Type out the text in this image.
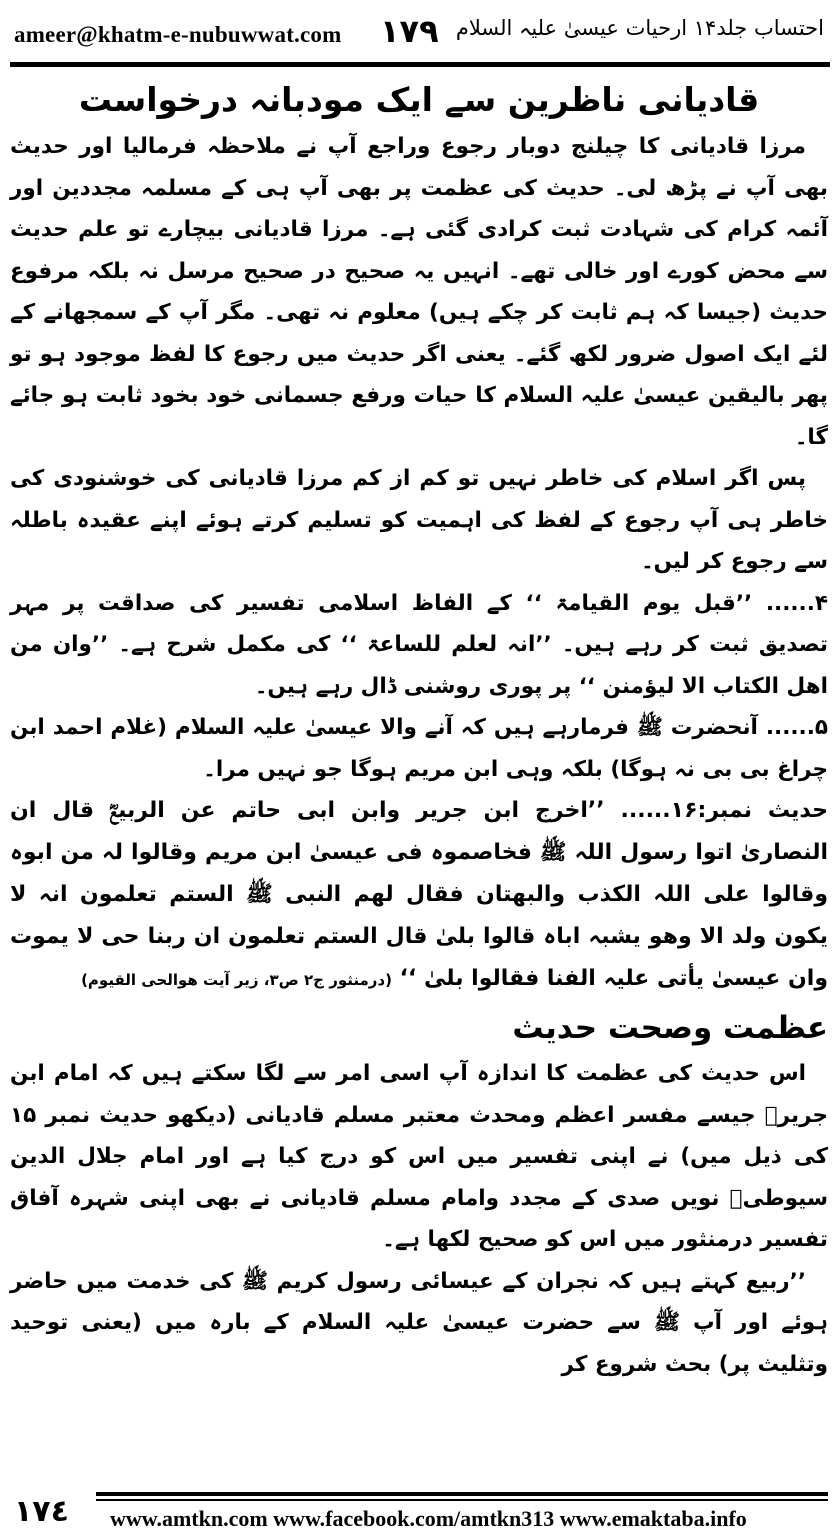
ameer@khatm-e-nubuwwat.com ١٧٩ احتساب جلد۱۴ ارحیات عیسیٰ علیہ السلام
قادیانی ناظرین سے ایک مودبانہ درخواست

مرزا قادیانی کا چیلنج دوبار رجوع وراجع آپ نے ملاحظہ فرمالیا اور حدیث بھی آپ نے پڑھ لی۔ حدیث کی عظمت پر بھی آپ ہی کے مسلمہ مجددین اور آئمہ کرام کی شہادت ثبت کرادی گئی ہے۔ مرزا قادیانی بیچارے تو علم حدیث سے محض کورے اور خالی تھے۔ انہیں یہ صحیح در صحیح مرسل نہ بلکہ مرفوع حدیث (جیسا کہ ہم ثابت کر چکے ہیں) معلوم نہ تھی۔ مگر آپ کے سمجھانے کے لئے ایک اصول ضرور لکھ گئے۔ یعنی اگر حدیث میں رجوع کا لفظ موجود ہو تو پھر بالیقین عیسیٰ علیہ السلام کا حیات ورفع جسمانی خود بخود ثابت ہو جائے گا۔

پس اگر اسلام کی خاطر نہیں تو کم از کم مرزا قادیانی کی خوشنودی کی خاطر ہی آپ رجوع کے لفظ کی اہمیت کو تسلیم کرتے ہوئے اپنے عقیدہ باطلہ سے رجوع کر لیں۔

۴...... ’’قبل یوم القیامۃ ‘‘ کے الفاظ اسلامی تفسیر کی صداقت پر مہر تصدیق ثبت کر رہے ہیں۔ ’’انہ لعلم للساعۃ ‘‘ کی مکمل شرح ہے۔ ’’وان من اھل الکتاب الا لیؤمنن ‘‘ پر پوری روشنی ڈال رہے ہیں۔

۵...... آنحضرت ﷺ فرمارہے ہیں کہ آنے والا عیسیٰ علیہ السلام (غلام احمد ابن چراغ بی بی نہ ہوگا) بلکہ وہی ابن مریم ہوگا جو نہیں مرا۔

حدیث نمبر:۱۶...... ’’اخرج ابن جریر وابن ابی حاتم عن الربیعؓ قال ان النصاریٰ اتوا رسول اللہ ﷺ فخاصموہ فی عیسیٰ ابن مریم وقالوا لہ من ابوہ وقالوا علی اللہ الکذب والبھتان فقال لھم النبی ﷺ الستم تعلمون انہ لا یکون ولد الا وھو یشبہ اباہ قالوا بلیٰ قال الستم تعلمون ان ربنا حی لا یموت وان عیسیٰ یأتی علیہ الفنا فقالوا بلیٰ ‘‘ (درمنثور ج۲ ص۳، زیر آیت ھوالحی القیوم)

عظمت وصحت حدیث

اس حدیث کی عظمت کا اندازہ آپ اسی امر سے لگا سکتے ہیں کہ امام ابن جریرؒ جیسے مفسر اعظم ومحدث معتبر مسلم قادیانی (دیکھو حدیث نمبر ۱۵ کی ذیل میں) نے اپنی تفسیر میں اس کو درج کیا ہے اور امام جلال الدین سیوطیؒ نویں صدی کے مجدد وامام مسلم قادیانی نے بھی اپنی شہرہ آفاق تفسیر درمنثور میں اس کو صحیح لکھا ہے۔

’’ربیع کہتے ہیں کہ نجران کے عیسائی رسول کریم ﷺ کی خدمت میں حاضر ہوئے اور آپ ﷺ سے حضرت عیسیٰ علیہ السلام کے بارہ میں (یعنی توحید وتثلیث پر) بحث شروع کر

١٧٤ www.amtkn.com www.facebook.com/amtkn313 www.emaktaba.info
